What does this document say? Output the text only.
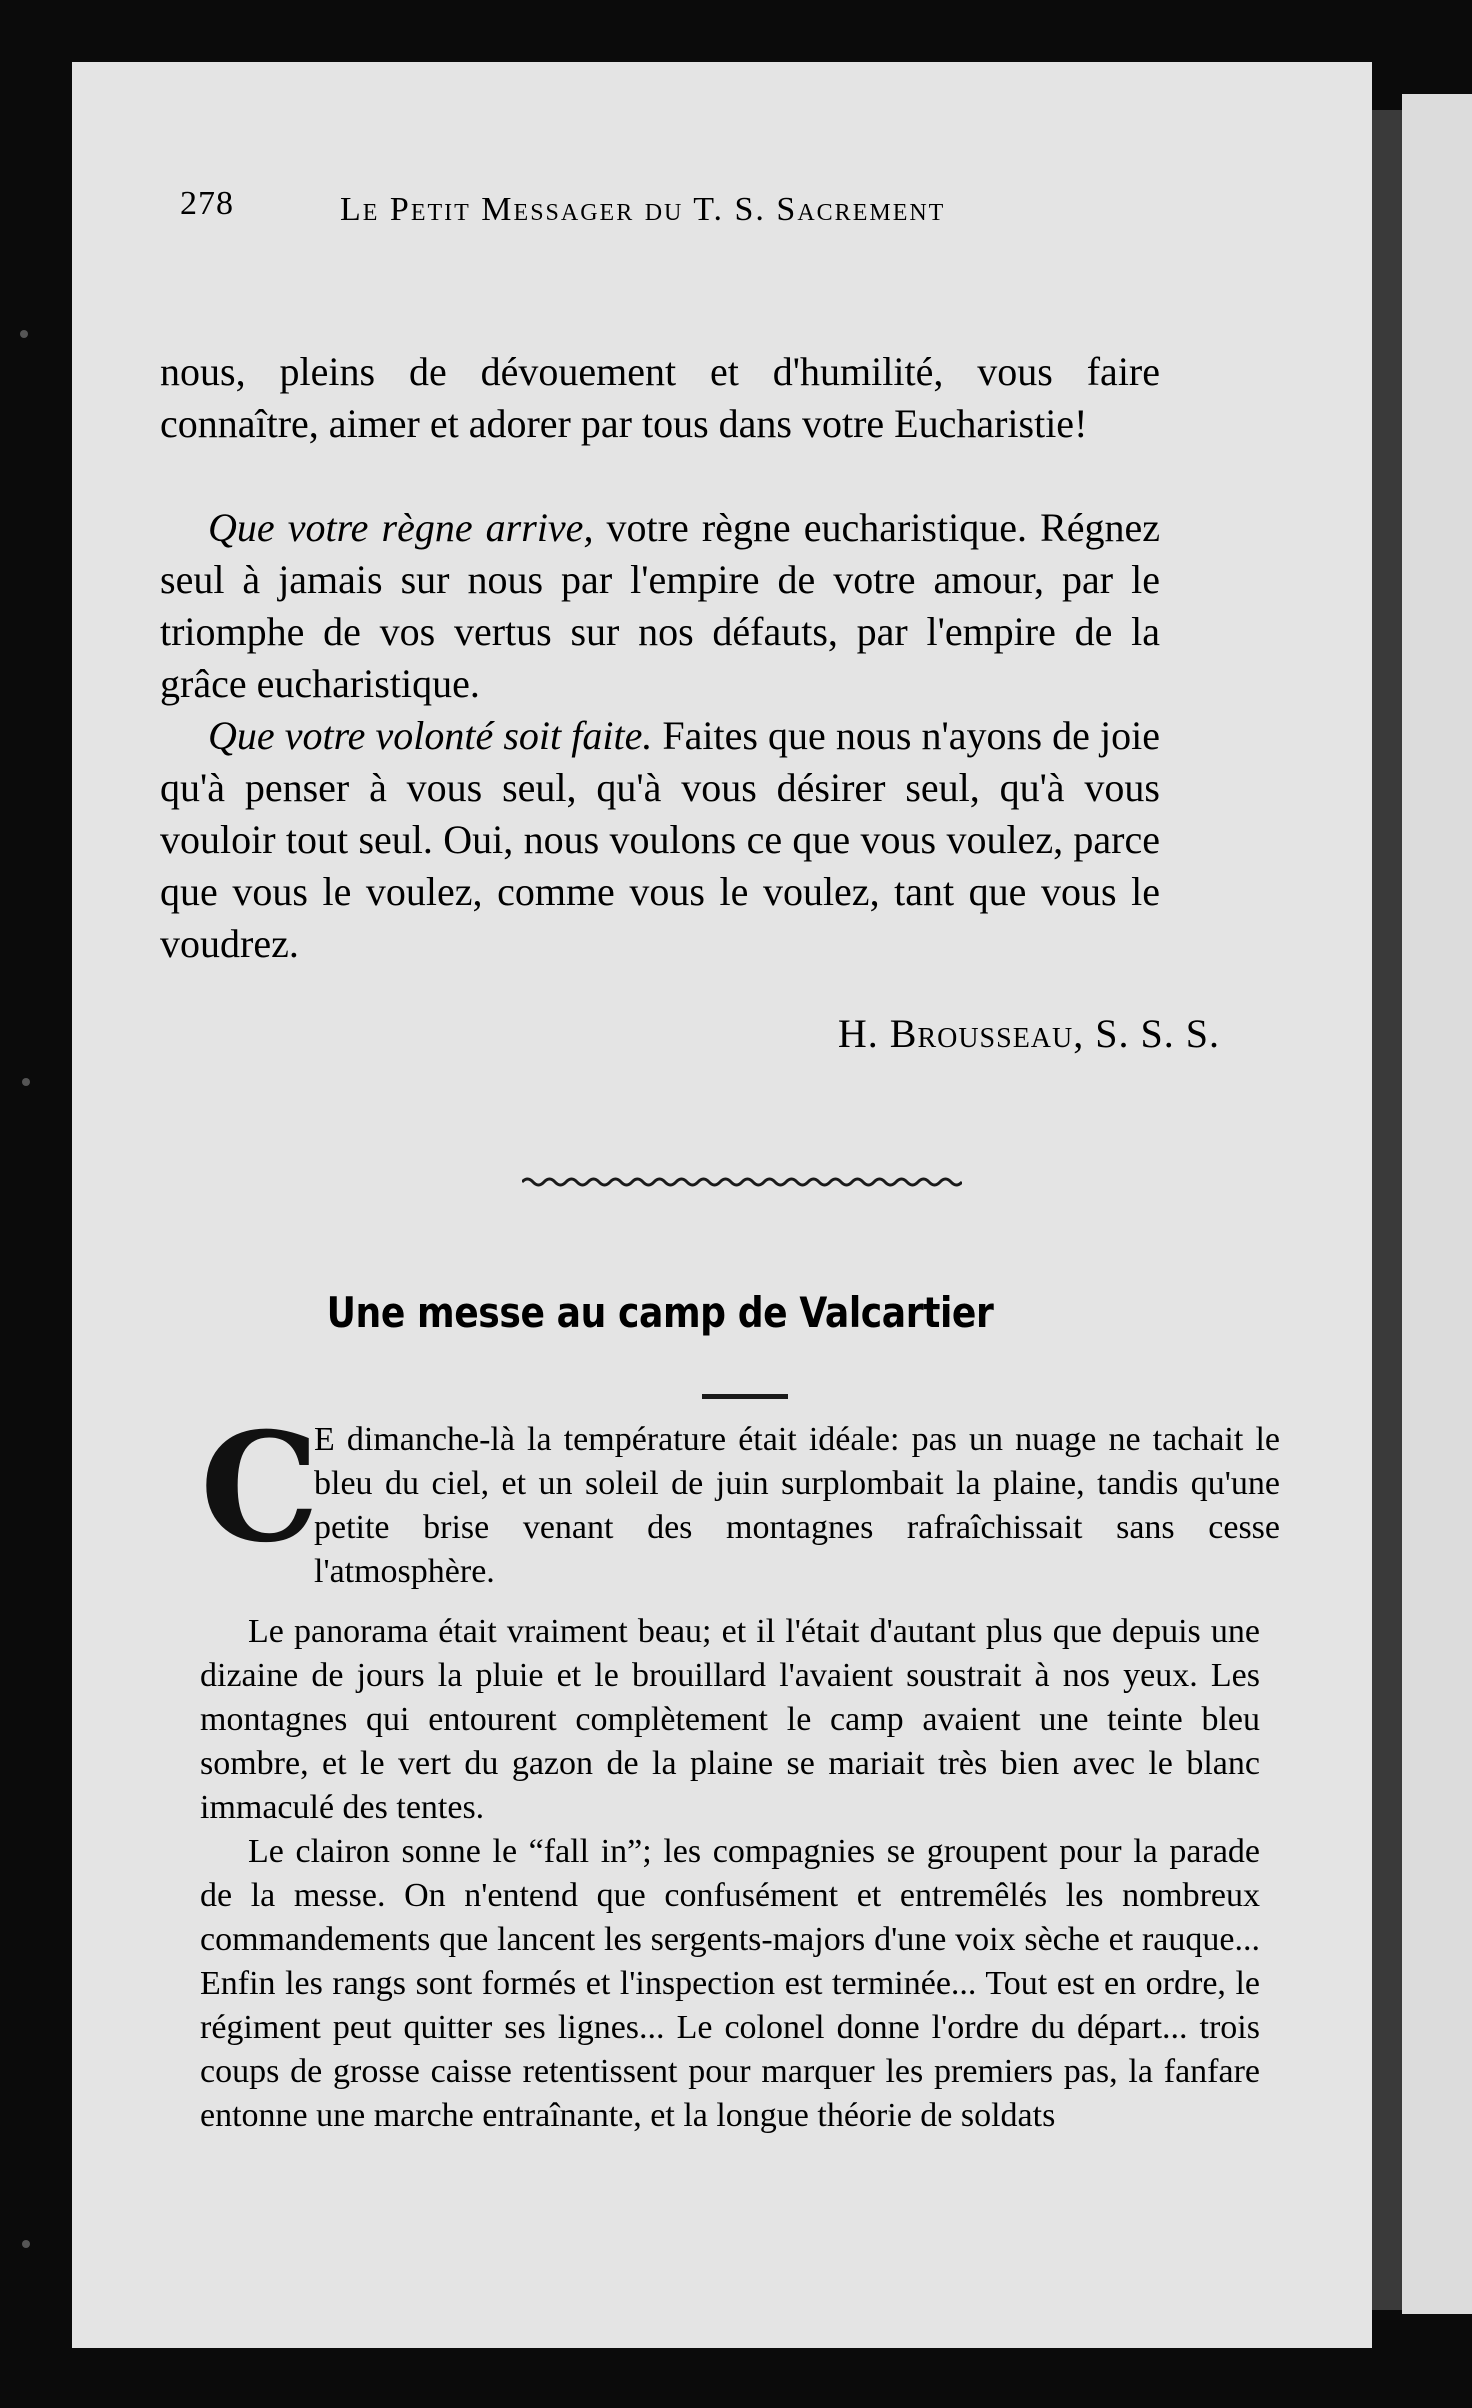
278	Le Petit Messager du T. S. Sacrement

nous, pleins de dévouement et d'humilité, vous faire connaître, aimer et adorer par tous dans votre Eucharistie!

Que votre règne arrive, votre règne eucharistique. Régnez seul à jamais sur nous par l'empire de votre amour, par le triomphe de vos vertus sur nos défauts, par l'empire de la grâce eucharistique.

Que votre volonté soit faite. Faites que nous n'ayons de joie qu'à penser à vous seul, qu'à vous désirer seul, qu'à vous vouloir tout seul. Oui, nous voulons ce que vous voulez, parce que vous le voulez, comme vous le voulez, tant que vous le voudrez.

H. Brousseau, S. S. S.
Une messe au camp de Valcartier
C

E dimanche-là la température était idéale: pas un nuage ne tachait le bleu du ciel, et un soleil de juin surplombait la plaine, tandis qu'une petite brise venant des montagnes rafraîchissait sans cesse l'atmosphère.

Le panorama était vraiment beau; et il l'était d'autant plus que depuis une dizaine de jours la pluie et le brouillard l'avaient soustrait à nos yeux. Les montagnes qui entourent complètement le camp avaient une teinte bleu sombre, et le vert du gazon de la plaine se mariait très bien avec le blanc immaculé des tentes.

Le clairon sonne le “fall in”; les compagnies se groupent pour la parade de la messe. On n'entend que confusément et entremêlés les nombreux commandements que lancent les sergents-majors d'une voix sèche et rauque... Enfin les rangs sont formés et l'inspection est terminée... Tout est en ordre, le régiment peut quitter ses lignes... Le colonel donne l'ordre du départ... trois coups de grosse caisse retentissent pour marquer les premiers pas, la fanfare entonne une marche entraînante, et la longue théorie de soldats
